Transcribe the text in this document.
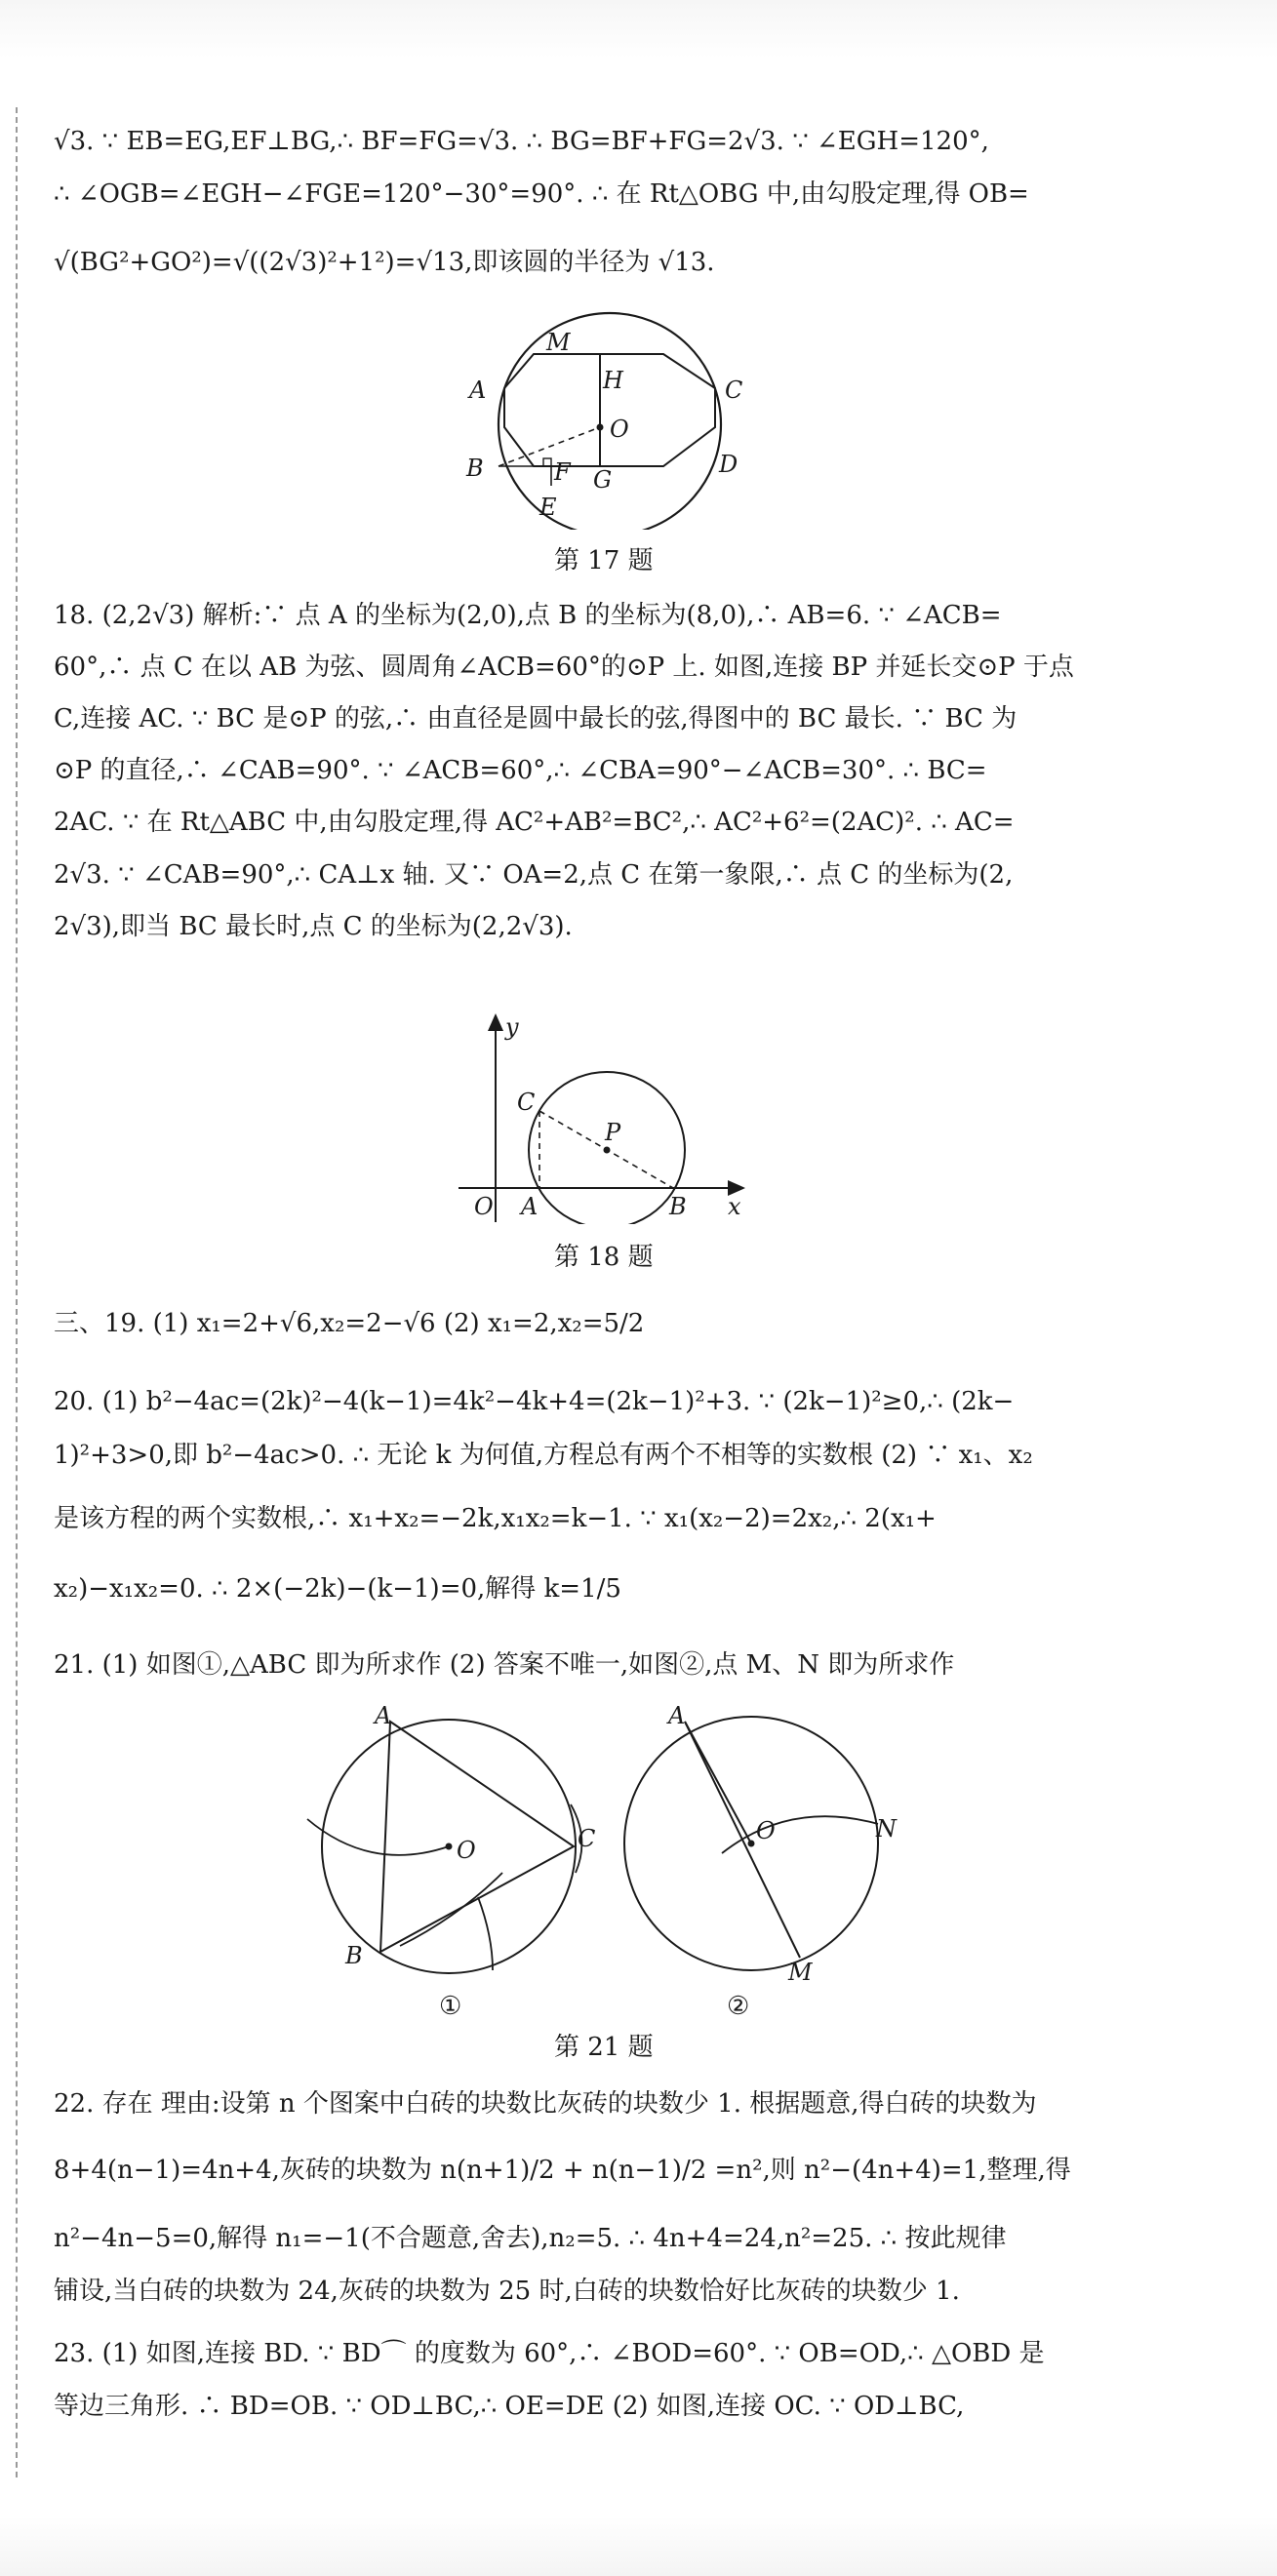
√3. ∵ EB=EG,EF⊥BG,∴ BF=FG=√3. ∴ BG=BF+FG=2√3. ∵ ∠EGH=120°,
∴ ∠OGB=∠EGH−∠FGE=120°−30°=90°. ∴ 在 Rt△OBG 中,由勾股定理,得 OB=
√(BG²+GO²)=√((2√3)²+1²)=√13,即该圆的半径为 √13.
M
H
A	C
O
B	F G
D
E
第 17 题
18. (2,2√3) 解析:∵ 点 A 的坐标为(2,0),点 B 的坐标为(8,0),∴ AB=6. ∵ ∠ACB=
60°,∴ 点 C 在以 AB 为弦、圆周角∠ACB=60°的⊙P 上. 如图,连接 BP 并延长交⊙P 于点
C,连接 AC. ∵ BC 是⊙P 的弦,∴ 由直径是圆中最长的弦,得图中的 BC 最长. ∵ BC 为
⊙P 的直径,∴ ∠CAB=90°. ∵ ∠ACB=60°,∴ ∠CBA=90°−∠ACB=30°. ∴ BC=
2AC. ∵ 在 Rt△ABC 中,由勾股定理,得 AC²+AB²=BC²,∴ AC²+6²=(2AC)². ∴ AC=
2√3. ∵ ∠CAB=90°,∴ CA⊥x 轴. 又∵ OA=2,点 C 在第一象限,∴ 点 C 的坐标为(2,
2√3),即当 BC 最长时,点 C 的坐标为(2,2√3).
y
x
C
P
O A	B
第 18 题
三、19. (1) x₁=2+√6,x₂=2−√6 (2) x₁=2,x₂=5/2
20. (1) b²−4ac=(2k)²−4(k−1)=4k²−4k+4=(2k−1)²+3. ∵ (2k−1)²≥0,∴ (2k−
1)²+3>0,即 b²−4ac>0. ∴ 无论 k 为何值,方程总有两个不相等的实数根 (2) ∵ x₁、x₂
是该方程的两个实数根,∴ x₁+x₂=−2k,x₁x₂=k−1. ∵ x₁(x₂−2)=2x₂,∴ 2(x₁+
x₂)−x₁x₂=0. ∴ 2×(−2k)−(k−1)=0,解得 k=1/5
21. (1) 如图①,△ABC 即为所求作 (2) 答案不唯一,如图②,点 M、N 即为所求作
A
O	C
B
A
O	N
M
①	②
第 21 题
22. 存在 理由:设第 n 个图案中白砖的块数比灰砖的块数少 1. 根据题意,得白砖的块数为
8+4(n−1)=4n+4,灰砖的块数为 n(n+1)/2 + n(n−1)/2 =n²,则 n²−(4n+4)=1,整理,得
n²−4n−5=0,解得 n₁=−1(不合题意,舍去),n₂=5. ∴ 4n+4=24,n²=25. ∴ 按此规律
铺设,当白砖的块数为 24,灰砖的块数为 25 时,白砖的块数恰好比灰砖的块数少 1.
23. (1) 如图,连接 BD. ∵ BD⌒ 的度数为 60°,∴ ∠BOD=60°. ∵ OB=OD,∴ △OBD 是
等边三角形. ∴ BD=OB. ∵ OD⊥BC,∴ OE=DE (2) 如图,连接 OC. ∵ OD⊥BC,
